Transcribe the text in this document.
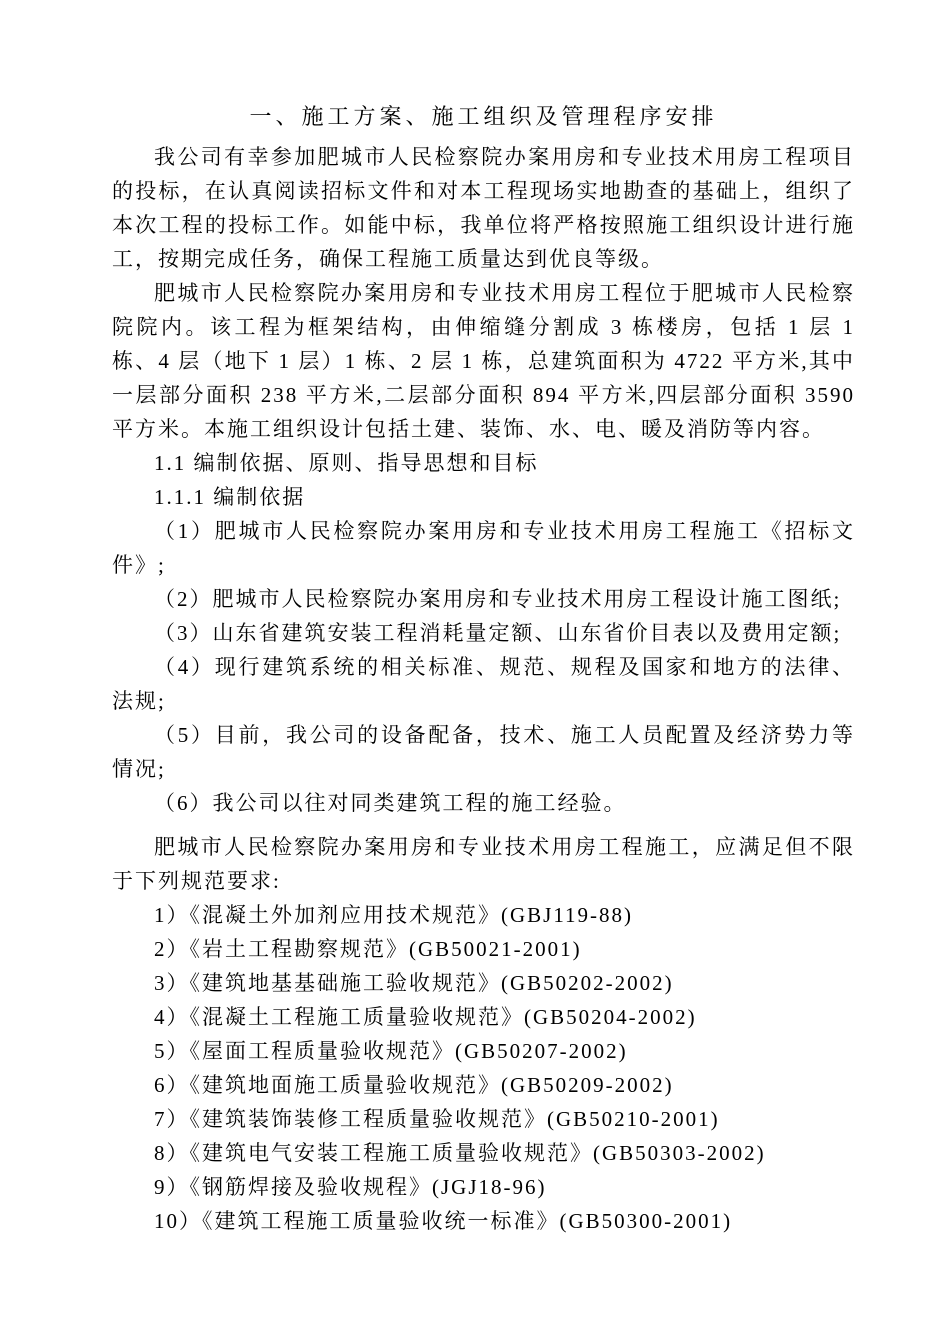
一、施工方案、施工组织及管理程序安排

我公司有幸参加肥城市人民检察院办案用房和专业技术用房工程项目的投标，在认真阅读招标文件和对本工程现场实地勘查的基础上，组织了本次工程的投标工作。如能中标，我单位将严格按照施工组织设计进行施工，按期完成任务，确保工程施工质量达到优良等级。

肥城市人民检察院办案用房和专业技术用房工程位于肥城市人民检察院院内。该工程为框架结构，由伸缩缝分割成 3 栋楼房，包括 1 层 1 栋、4 层（地下 1 层）1 栋、2 层 1 栋，总建筑面积为 4722 平方米,其中一层部分面积 238 平方米,二层部分面积 894 平方米,四层部分面积 3590 平方米。本施工组织设计包括土建、装饰、水、电、暖及消防等内容。

1.1 编制依据、原则、指导思想和目标

1.1.1 编制依据

（1）肥城市人民检察院办案用房和专业技术用房工程施工《招标文件》;

（2）肥城市人民检察院办案用房和专业技术用房工程设计施工图纸;

（3）山东省建筑安装工程消耗量定额、山东省价目表以及费用定额;

（4）现行建筑系统的相关标准、规范、规程及国家和地方的法律、法规;

（5）目前，我公司的设备配备，技术、施工人员配置及经济势力等情况;

（6）我公司以往对同类建筑工程的施工经验。

肥城市人民检察院办案用房和专业技术用房工程施工，应满足但不限于下列规范要求:

1）《混凝土外加剂应用技术规范》(GBJ119-88)

2）《岩土工程勘察规范》(GB50021-2001)

3）《建筑地基基础施工验收规范》(GB50202-2002)

4）《混凝土工程施工质量验收规范》(GB50204-2002)

5）《屋面工程质量验收规范》(GB50207-2002)

6）《建筑地面施工质量验收规范》(GB50209-2002)

7）《建筑装饰装修工程质量验收规范》(GB50210-2001)

8）《建筑电气安装工程施工质量验收规范》(GB50303-2002)

9）《钢筋焊接及验收规程》(JGJ18-96)

10）《建筑工程施工质量验收统一标准》(GB50300-2001)
